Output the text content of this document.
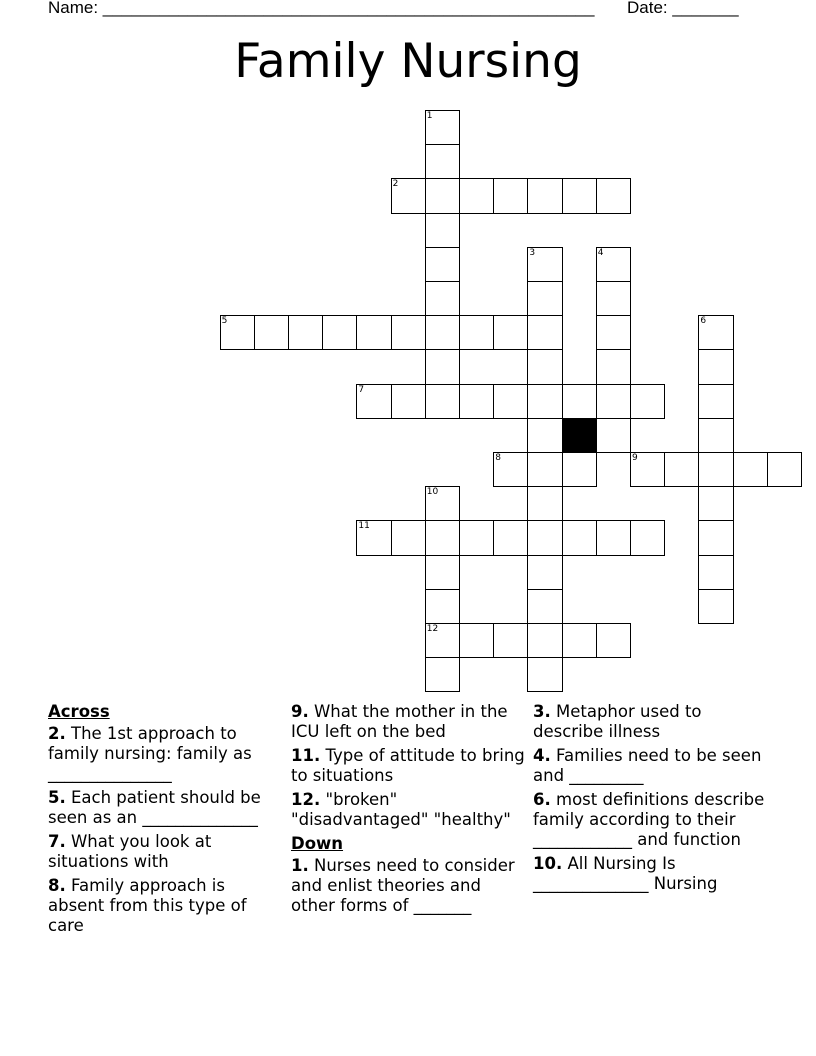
Name: ____________________________________________________ Date: _______
Family Nursing
1
2
3	4
5	6
7
8	9
10
11
12
Across
2. The 1st approach to family nursing: family as _______________
5. Each patient should be seen as an ______________
7. What you look at situations with
8. Family approach is absent from this type of care
9. What the mother in the ICU left on the bed
11. Type of attitude to bring to situations
12. "broken" "disadvantaged" "healthy"
Down
1. Nurses need to consider and enlist theories and other forms of _______
3. Metaphor used to describe illness
4. Families need to be seen and _________
6. most definitions describe family according to their ____________ and function
10. All Nursing Is ______________ Nursing
